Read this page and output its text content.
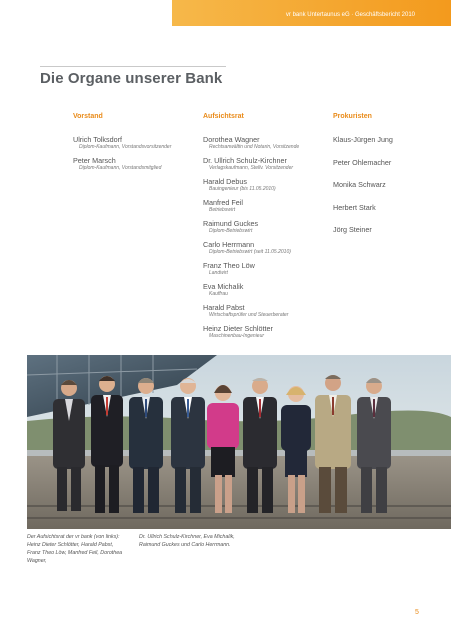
vr bank Untertaunus eG · Geschäftsbericht 2010
Die Organe unserer Bank
Vorstand
Ulrich Tolksdorf
Diplom-Kaufmann, Vorstandsvorsitzender
Peter Marsch
Diplom-Kaufmann, Vorstandsmitglied
Aufsichtsrat
Dorothea Wagner
Rechtsanwältin und Notarin, Vorsitzende
Dr. Ullrich Schulz-Kirchner
Verlagskaufmann, Stellv. Vorsitzender
Harald Debus
Bauingenieur (bis 11.05.2010)
Manfred Feil
Betriebswirt
Raimund Guckes
Diplom-Betriebswirt
Carlo Herrmann
Diplom-Betriebswirt (seit 11.05.2010)
Franz Theo Löw
Landwirt
Eva Michalik
Kauffrau
Harald Pabst
Wirtschaftsprüfer und Steuerberater
Heinz Dieter Schlötter
Maschinenbau-Ingenieur
Prokuristen
Klaus-Jürgen Jung
Peter Ohlemacher
Monika Schwarz
Herbert Stark
Jörg Steiner
Der Aufsichtsrat der vr bank (von links): Heinz Dieter Schlötter, Harald Pabst, Franz Theo Löw, Manfred Feil, Dorothea Wagner,
Dr. Ullrich Schulz-Kirchner, Eva Michalik, Raimund Guckes und Carlo Herrmann.
5
